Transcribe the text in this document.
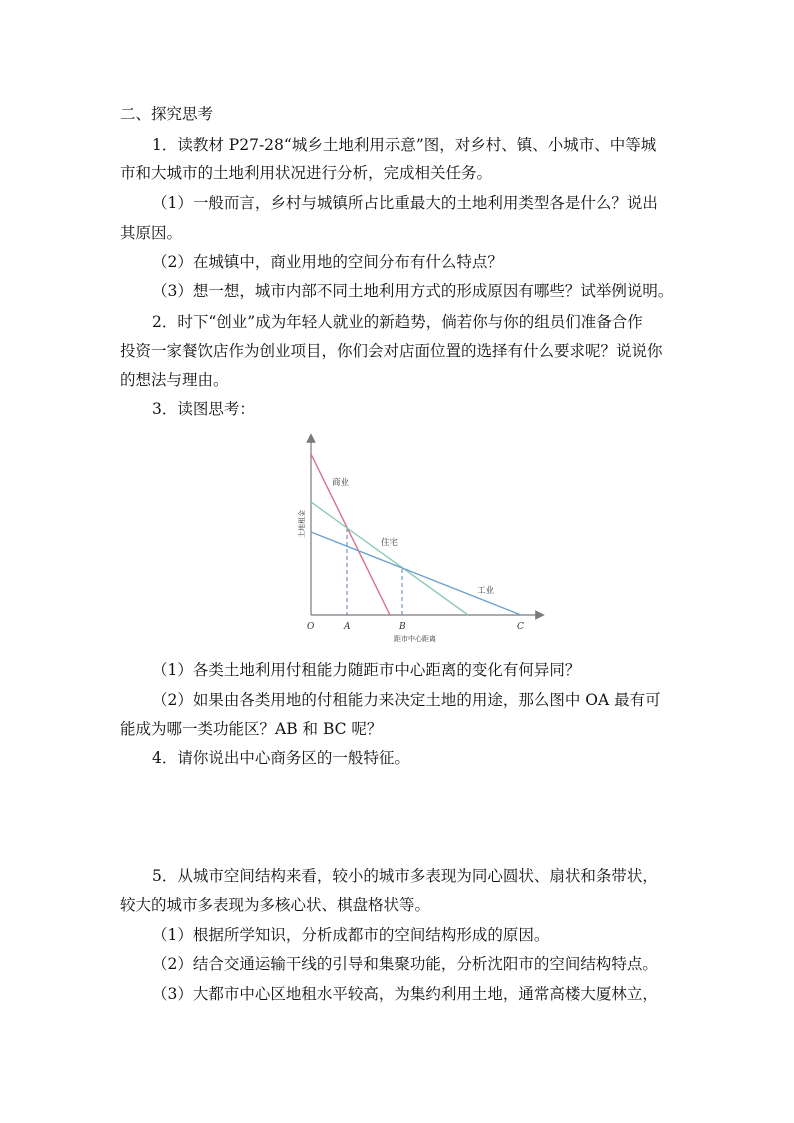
二、探究思考
1．读教材 P27-28“城乡土地利用示意”图，对乡村、镇、小城市、中等城
市和大城市的土地利用状况进行分析，完成相关任务。
（1）一般而言，乡村与城镇所占比重最大的土地利用类型各是什么？说出
其原因。
（2）在城镇中，商业用地的空间分布有什么特点？
（3）想一想，城市内部不同土地利用方式的形成原因有哪些？试举例说明。
2．时下“创业”成为年轻人就业的新趋势，倘若你与你的组员们准备合作
投资一家餐饮店作为创业项目，你们会对店面位置的选择有什么要求呢？说说你
的想法与理由。
3．读图思考：
商业
住宅
工业
土地租金
距市中心距离
O	A	B	C
（1）各类土地利用付租能力随距市中心距离的变化有何异同？
（2）如果由各类用地的付租能力来决定土地的用途，那么图中 OA 最有可
能成为哪一类功能区？AB 和 BC 呢？
4．请你说出中心商务区的一般特征。
5．从城市空间结构来看，较小的城市多表现为同心圆状、扇状和条带状，
较大的城市多表现为多核心状、棋盘格状等。
（1）根据所学知识，分析成都市的空间结构形成的原因。
（2）结合交通运输干线的引导和集聚功能，分析沈阳市的空间结构特点。
（3）大都市中心区地租水平较高，为集约利用土地，通常高楼大厦林立，
